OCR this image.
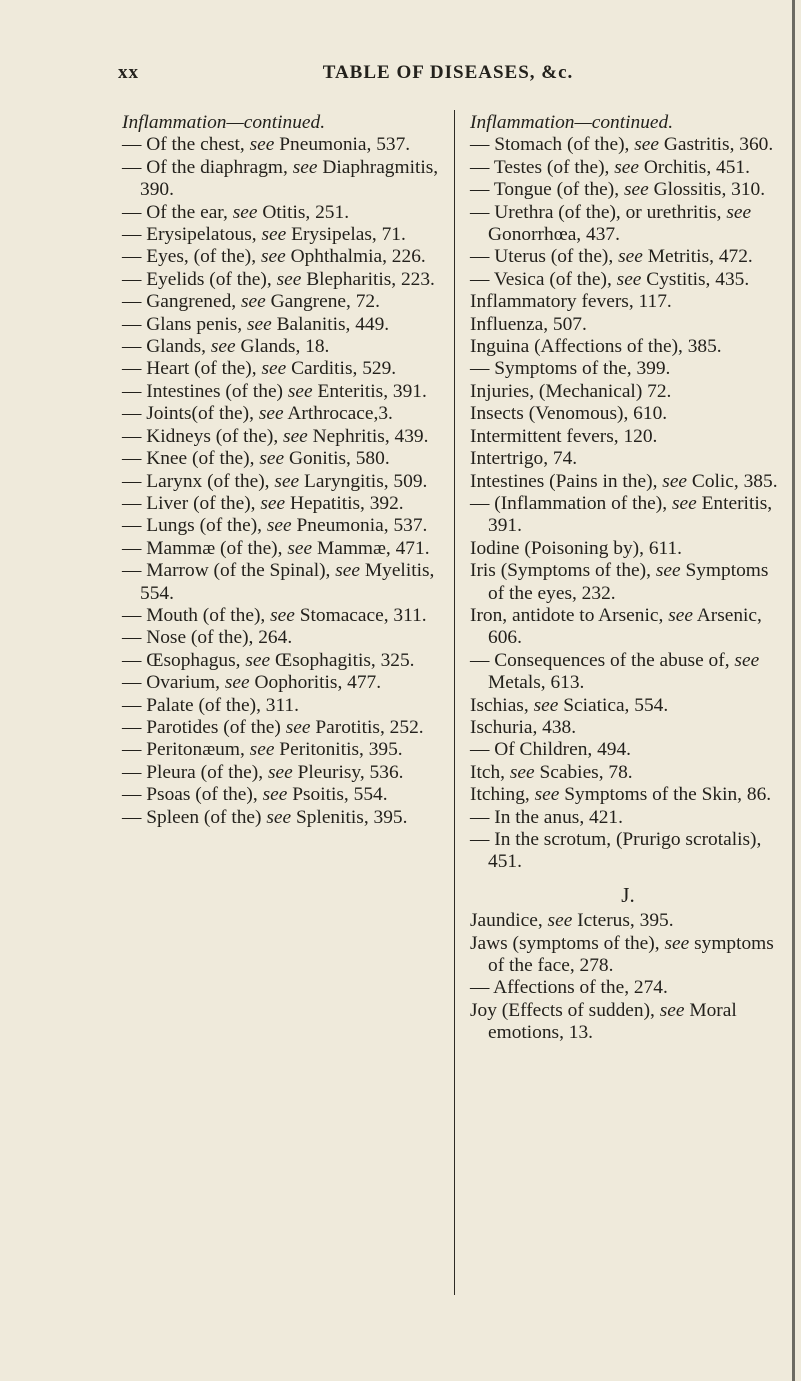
xx	TABLE OF DISEASES, &c.

Inflammation—continued.

— Of the chest, see Pneumonia, 537.

— Of the diaphragm, see Diaphragmitis, 390.

— Of the ear, see Otitis, 251.

— Erysipelatous, see Erysipelas, 71.

— Eyes, (of the), see Ophthalmia, 226.

— Eyelids (of the), see Blepharitis, 223.

— Gangrened, see Gangrene, 72.

— Glans penis, see Balanitis, 449.

— Glands, see Glands, 18.

— Heart (of the), see Carditis, 529.

— Intestines (of the) see Enteritis, 391.

— Joints(of the), see Arthrocace,3.

— Kidneys (of the), see Nephritis, 439.

— Knee (of the), see Gonitis, 580.

— Larynx (of the), see Laryngitis, 509.

— Liver (of the), see Hepatitis, 392.

— Lungs (of the), see Pneumonia, 537.

— Mammæ (of the), see Mammæ, 471.

— Marrow (of the Spinal), see Myelitis, 554.

— Mouth (of the), see Stomacace, 311.

— Nose (of the), 264.

— Œsophagus, see Œsophagitis, 325.

— Ovarium, see Oophoritis, 477.

— Palate (of the), 311.

— Parotides (of the) see Parotitis, 252.

— Peritonæum, see Peritonitis, 395.

— Pleura (of the), see Pleurisy, 536.

— Psoas (of the), see Psoitis, 554.

— Spleen (of the) see Splenitis, 395.

Inflammation—continued.

— Stomach (of the), see Gastritis, 360.

— Testes (of the), see Orchitis, 451.

— Tongue (of the), see Glossitis, 310.

— Urethra (of the), or urethritis, see Gonorrhœa, 437.

— Uterus (of the), see Metritis, 472.

— Vesica (of the), see Cystitis, 435.

Inflammatory fevers, 117.

Influenza, 507.

Inguina (Affections of the), 385.

— Symptoms of the, 399.

Injuries, (Mechanical) 72.

Insects (Venomous), 610.

Intermittent fevers, 120.

Intertrigo, 74.

Intestines (Pains in the), see Colic, 385.

— (Inflammation of the), see Enteritis, 391.

Iodine (Poisoning by), 611.

Iris (Symptoms of the), see Symptoms of the eyes, 232.

Iron, antidote to Arsenic, see Arsenic, 606.

— Consequences of the abuse of, see Metals, 613.

Ischias, see Sciatica, 554.

Ischuria, 438.

— Of Children, 494.

Itch, see Scabies, 78.

Itching, see Symptoms of the Skin, 86.

— In the anus, 421.

— In the scrotum, (Prurigo scrotalis), 451.

J.

Jaundice, see Icterus, 395.

Jaws (symptoms of the), see symptoms of the face, 278.

— Affections of the, 274.

Joy (Effects of sudden), see Moral emotions, 13.
